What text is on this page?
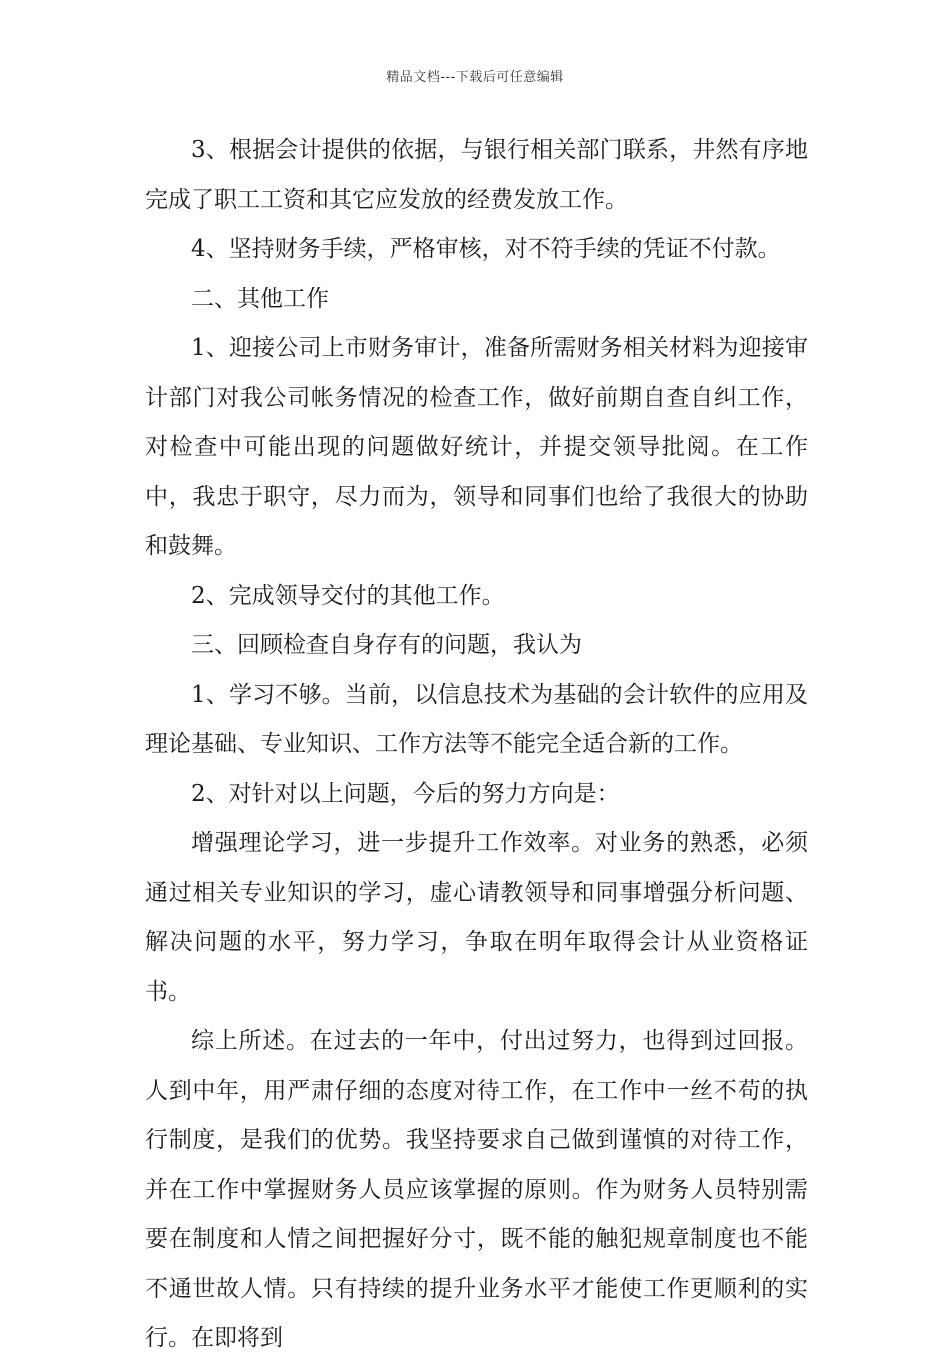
精品文档---下载后可任意编辑

3、根据会计提供的依据，与银行相关部门联系，井然有序地完成了职工工资和其它应发放的经费发放工作。

4、坚持财务手续，严格审核，对不符手续的凭证不付款。

二、其他工作

1、迎接公司上市财务审计，准备所需财务相关材料为迎接审计部门对我公司帐务情况的检查工作，做好前期自查自纠工作，对检查中可能出现的问题做好统计，并提交领导批阅。在工作中，我忠于职守，尽力而为，领导和同事们也给了我很大的协助和鼓舞。

2、完成领导交付的其他工作。

三、回顾检查自身存有的问题，我认为

1、学习不够。当前，以信息技术为基础的会计软件的应用及理论基础、专业知识、工作方法等不能完全适合新的工作。

2、对针对以上问题，今后的努力方向是：

增强理论学习，进一步提升工作效率。对业务的熟悉，必须通过相关专业知识的学习，虚心请教领导和同事增强分析问题、解决问题的水平，努力学习，争取在明年取得会计从业资格证书。

综上所述。在过去的一年中，付出过努力，也得到过回报。人到中年，用严肃仔细的态度对待工作，在工作中一丝不苟的执行制度，是我们的优势。我坚持要求自己做到谨慎的对待工作，并在工作中掌握财务人员应该掌握的原则。作为财务人员特别需要在制度和人情之间把握好分寸，既不能的触犯规章制度也不能不通世故人情。只有持续的提升业务水平才能使工作更顺利的实行。在即将到
